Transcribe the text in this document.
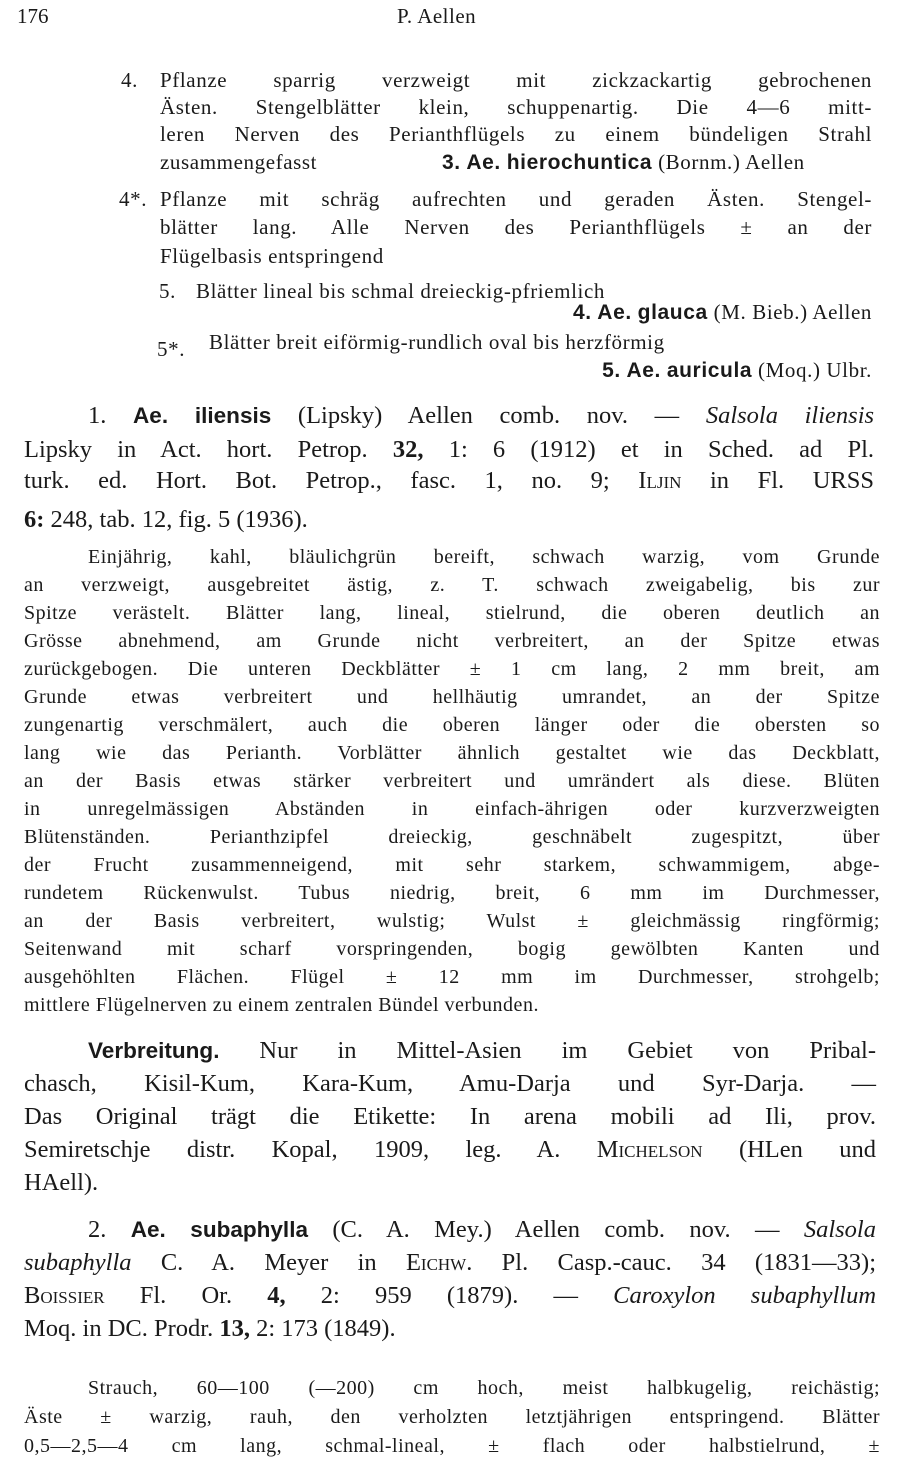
176	P. Aellen
4. Pflanze sparrig verzweigt mit zickzackartig gebrochenen
Ästen. Stengelblätter klein, schuppenartig. Die 4—6 mitt-
leren Nerven des Perianthflügels zu einem bündeligen Strahl
zusammengefasst	3. Ae. hierochuntica (Bornm.) Aellen
4*. Pflanze mit schräg aufrechten und geraden Ästen. Stengel-
blätter lang. Alle Nerven des Perianthflügels ± an der
Flügelbasis entspringend
5. Blätter lineal bis schmal dreieckig-pfriemlich
4. Ae. glauca (M. Bieb.) Aellen
5*. Blätter breit eiförmig-rundlich oval bis herzförmig
5. Ae. auricula (Moq.) Ulbr.
1. Ae. iliensis (Lipsky) Aellen comb. nov. — Salsola iliensis
Lipsky in Act. hort. Petrop. 32, 1: 6 (1912) et in Sched. ad Pl.
turk. ed. Hort. Bot. Petrop., fasc. 1, no. 9; Iljin in Fl. URSS
6: 248, tab. 12, fig. 5 (1936).
Einjährig, kahl, bläulichgrün bereift, schwach warzig, vom Grunde
an verzweigt, ausgebreitet ästig, z. T. schwach zweigabelig, bis zur
Spitze verästelt. Blätter lang, lineal, stielrund, die oberen deutlich an
Grösse abnehmend, am Grunde nicht verbreitert, an der Spitze etwas
zurückgebogen. Die unteren Deckblätter ± 1 cm lang, 2 mm breit, am
Grunde etwas verbreitert und hellhäutig umrandet, an der Spitze
zungenartig verschmälert, auch die oberen länger oder die obersten so
lang wie das Perianth. Vorblätter ähnlich gestaltet wie das Deckblatt,
an der Basis etwas stärker verbreitert und umrändert als diese. Blüten
in unregelmässigen Abständen in einfach-ährigen oder kurzverzweigten
Blütenständen. Perianthzipfel dreieckig, geschnäbelt zugespitzt, über
der Frucht zusammenneigend, mit sehr starkem, schwammigem, abge-
rundetem Rückenwulst. Tubus niedrig, breit, 6 mm im Durchmesser,
an der Basis verbreitert, wulstig; Wulst ± gleichmässig ringförmig;
Seitenwand mit scharf vorspringenden, bogig gewölbten Kanten und
ausgehöhlten Flächen. Flügel ± 12 mm im Durchmesser, strohgelb;
mittlere Flügelnerven zu einem zentralen Bündel verbunden.
Verbreitung. Nur in Mittel-Asien im Gebiet von Pribal-
chasch, Kisil-Kum, Kara-Kum, Amu-Darja und Syr-Darja. —
Das Original trägt die Etikette: In arena mobili ad Ili, prov.
Semiretschje distr. Kopal, 1909, leg. A. Michelson (HLen und
HAell).
2. Ae. subaphylla (C. A. Mey.) Aellen comb. nov. — Salsola
subaphylla C. A. Meyer in Eichw. Pl. Casp.-cauc. 34 (1831—33);
Boissier Fl. Or. 4, 2: 959 (1879). — Caroxylon subaphyllum
Moq. in DC. Prodr. 13, 2: 173 (1849).
Strauch, 60—100 (—200) cm hoch, meist halbkugelig, reichästig;
Äste ± warzig, rauh, den verholzten letztjährigen entspringend. Blätter
0,5—2,5—4 cm lang, schmal-lineal, ± flach oder halbstielrund, ±
